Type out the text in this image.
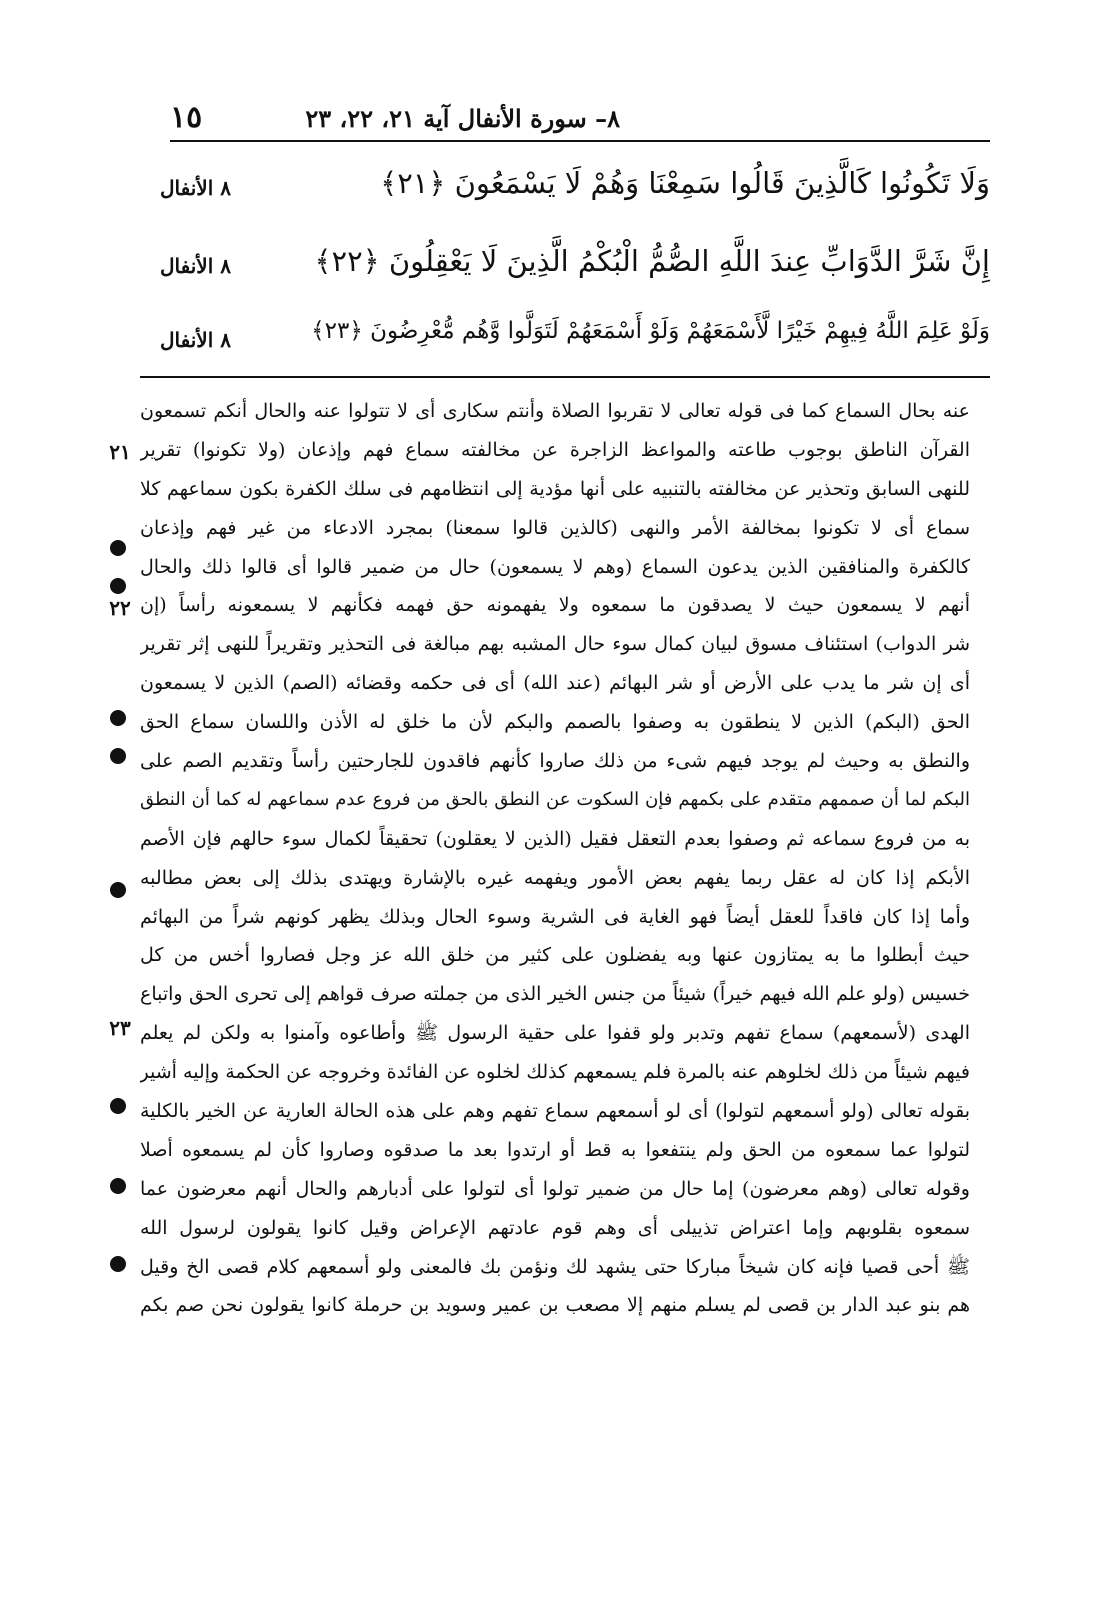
١٥	٨– سورة الأنفال آية ٢١، ٢٢، ٢٣
وَلَا تَكُونُوا كَالَّذِينَ قَالُوا سَمِعْنَا وَهُمْ لَا يَسْمَعُونَ ﴿٢١﴾
٨ الأنفال
إِنَّ شَرَّ الدَّوَابِّ عِندَ اللَّهِ الصُّمُّ الْبُكْمُ الَّذِينَ لَا يَعْقِلُونَ ﴿٢٢﴾
٨ الأنفال
وَلَوْ عَلِمَ اللَّهُ فِيهِمْ خَيْرًا لَّأَسْمَعَهُمْ وَلَوْ أَسْمَعَهُمْ لَتَوَلَّوا وَّهُم مُّعْرِضُونَ ﴿٢٣﴾
٨ الأنفال
عنه بحال السماع كما فى قوله تعالى لا تقربوا الصلاة وأنتم سكارى أى لا تتولوا عنه والحال أنكم تسمعون
القرآن الناطق بوجوب طاعته والمواعظ الزاجرة عن مخالفته سماع فهم وإذعان (ولا تكونوا) تقرير
للنهى السابق وتحذير عن مخالفته بالتنبيه على أنها مؤدية إلى انتظامهم فى سلك الكفرة بكون سماعهم كلا
سماع أى لا تكونوا بمخالفة الأمر والنهى (كالذين قالوا سمعنا) بمجرد الادعاء من غير فهم وإذعان
كالكفرة والمنافقين الذين يدعون السماع (وهم لا يسمعون) حال من ضمير قالوا أى قالوا ذلك والحال
أنهم لا يسمعون حيث لا يصدقون ما سمعوه ولا يفهمونه حق فهمه فكأنهم لا يسمعونه رأساً (إن
شر الدواب) استئناف مسوق لبيان كمال سوء حال المشبه بهم مبالغة فى التحذير وتقريراً للنهى إثر تقرير
أى إن شر ما يدب على الأرض أو شر البهائم (عند الله) أى فى حكمه وقضائه (الصم) الذين لا يسمعون
الحق (البكم) الذين لا ينطقون به وصفوا بالصمم والبكم لأن ما خلق له الأذن واللسان سماع الحق
والنطق به وحيث لم يوجد فيهم شىء من ذلك صاروا كأنهم فاقدون للجارحتين رأساً وتقديم الصم على
البكم لما أن صممهم متقدم على بكمهم فإن السكوت عن النطق بالحق من فروع عدم سماعهم له كما أن النطق
به من فروع سماعه ثم وصفوا بعدم التعقل فقيل (الذين لا يعقلون) تحقيقاً لكمال سوء حالهم فإن الأصم
الأبكم إذا كان له عقل ربما يفهم بعض الأمور ويفهمه غيره بالإشارة ويهتدى بذلك إلى بعض مطالبه
وأما إذا كان فاقداً للعقل أيضاً فهو الغاية فى الشرية وسوء الحال وبذلك يظهر كونهم شراً من البهائم
حيث أبطلوا ما به يمتازون عنها وبه يفضلون على كثير من خلق الله عز وجل فصاروا أخس من كل
خسيس (ولو علم الله فيهم خيراً) شيئاً من جنس الخير الذى من جملته صرف قواهم إلى تحرى الحق واتباع
الهدى (لأسمعهم) سماع تفهم وتدبر ولو قفوا على حقية الرسول ﷺ وأطاعوه وآمنوا به ولكن لم يعلم
فيهم شيئاً من ذلك لخلوهم عنه بالمرة فلم يسمعهم كذلك لخلوه عن الفائدة وخروجه عن الحكمة وإليه أشير
بقوله تعالى (ولو أسمعهم لتولوا) أى لو أسمعهم سماع تفهم وهم على هذه الحالة العارية عن الخير بالكلية
لتولوا عما سمعوه من الحق ولم ينتفعوا به قط أو ارتدوا بعد ما صدقوه وصاروا كأن لم يسمعوه أصلا
وقوله تعالى (وهم معرضون) إما حال من ضمير تولوا أى لتولوا على أدبارهم والحال أنهم معرضون عما
سمعوه بقلوبهم وإما اعتراض تذييلى أى وهم قوم عادتهم الإعراض وقيل كانوا يقولون لرسول الله
ﷺ أحى قصيا فإنه كان شيخاً مباركا حتى يشهد لك ونؤمن بك فالمعنى ولو أسمعهم كلام قصى الخ وقيل
هم بنو عبد الدار بن قصى لم يسلم منهم إلا مصعب بن عمير وسويد بن حرملة كانوا يقولون نحن صم بكم
٢١
٢٢
٢٣
